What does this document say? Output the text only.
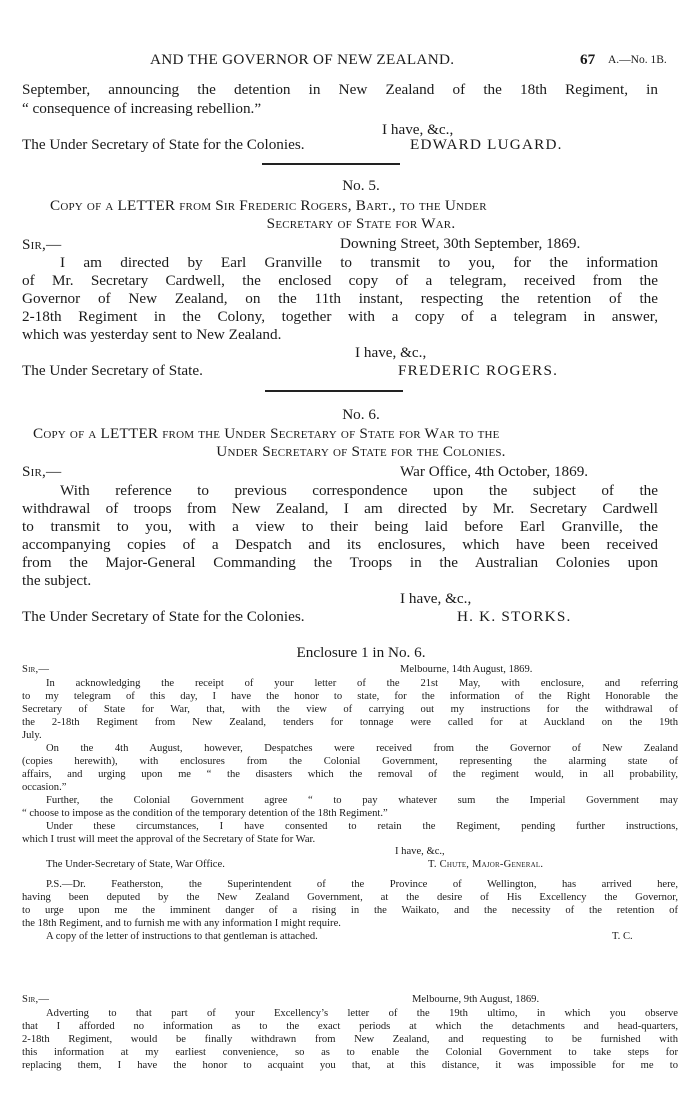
AND THE GOVERNOR OF NEW ZEALAND.	67 A.—No. 1B.
September, announcing the detention in New Zealand of the 18th Regiment, in
“ consequence of increasing rebellion.”
I have, &c.,
The Under Secretary of State for the Colonies.	EDWARD LUGARD.
No. 5.
Copy of a LETTER from Sir Frederic Rogers, Bart., to the Under
Secretary of State for War.
Sir,—	Downing Street, 30th September, 1869.
I am directed by Earl Granville to transmit to you, for the information
of Mr. Secretary Cardwell, the enclosed copy of a telegram, received from the
Governor of New Zealand, on the 11th instant, respecting the retention of the
2-18th Regiment in the Colony, together with a copy of a telegram in answer,
which was yesterday sent to New Zealand.
I have, &c.,
The Under Secretary of State.	FREDERIC ROGERS.
No. 6.
Copy of a LETTER from the Under Secretary of State for War to the
Under Secretary of State for the Colonies.
Sir,—	War Office, 4th October, 1869.
With reference to previous correspondence upon the subject of the
withdrawal of troops from New Zealand, I am directed by Mr. Secretary Cardwell
to transmit to you, with a view to their being laid before Earl Granville, the
accompanying copies of a Despatch and its enclosures, which have been received
from the Major-General Commanding the Troops in the Australian Colonies upon
the subject.
I have, &c.,
The Under Secretary of State for the Colonies.	H. K. STORKS.
Enclosure 1 in No. 6.
Sir,—	Melbourne, 14th August, 1869.
In acknowledging the receipt of your letter of the 21st May, with enclosure, and referring
to my telegram of this day, I have the honor to state, for the information of the Right Honorable the
Secretary of State for War, that, with the view of carrying out my instructions for the withdrawal of
the 2-18th Regiment from New Zealand, tenders for tonnage were called for at Auckland on the 19th
July.
On the 4th August, however, Despatches were received from the Governor of New Zealand
(copies herewith), with enclosures from the Colonial Government, representing the alarming state of
affairs, and urging upon me “ the disasters which the removal of the regiment would, in all probability,
occasion.”
Further, the Colonial Government agree “ to pay whatever sum the Imperial Government may
“ choose to impose as the condition of the temporary detention of the 18th Regiment.”
Under these circumstances, I have consented to retain the Regiment, pending further instructions,
which I trust will meet the approval of the Secretary of State for War.
I have, &c.,
The Under-Secretary of State, War Office.	T. Chute, Major-General.
P.S.—Dr. Featherston, the Superintendent of the Province of Wellington, has arrived here,
having been deputed by the New Zealand Government, at the desire of His Excellency the Governor,
to urge upon me the imminent danger of a rising in the Waikato, and the necessity of the retention of
the 18th Regiment, and to furnish me with any information I might require.
A copy of the letter of instructions to that gentleman is attached.	T. C.
Sir,—	Melbourne, 9th August, 1869.
Adverting to that part of your Excellency’s letter of the 19th ultimo, in which you observe
that I afforded no information as to the exact periods at which the detachments and head-quarters,
2-18th Regiment, would be finally withdrawn from New Zealand, and requesting to be furnished with
this information at my earliest convenience, so as to enable the Colonial Government to take steps for
replacing them, I have the honor to acquaint you that, at this distance, it was impossible for me to
